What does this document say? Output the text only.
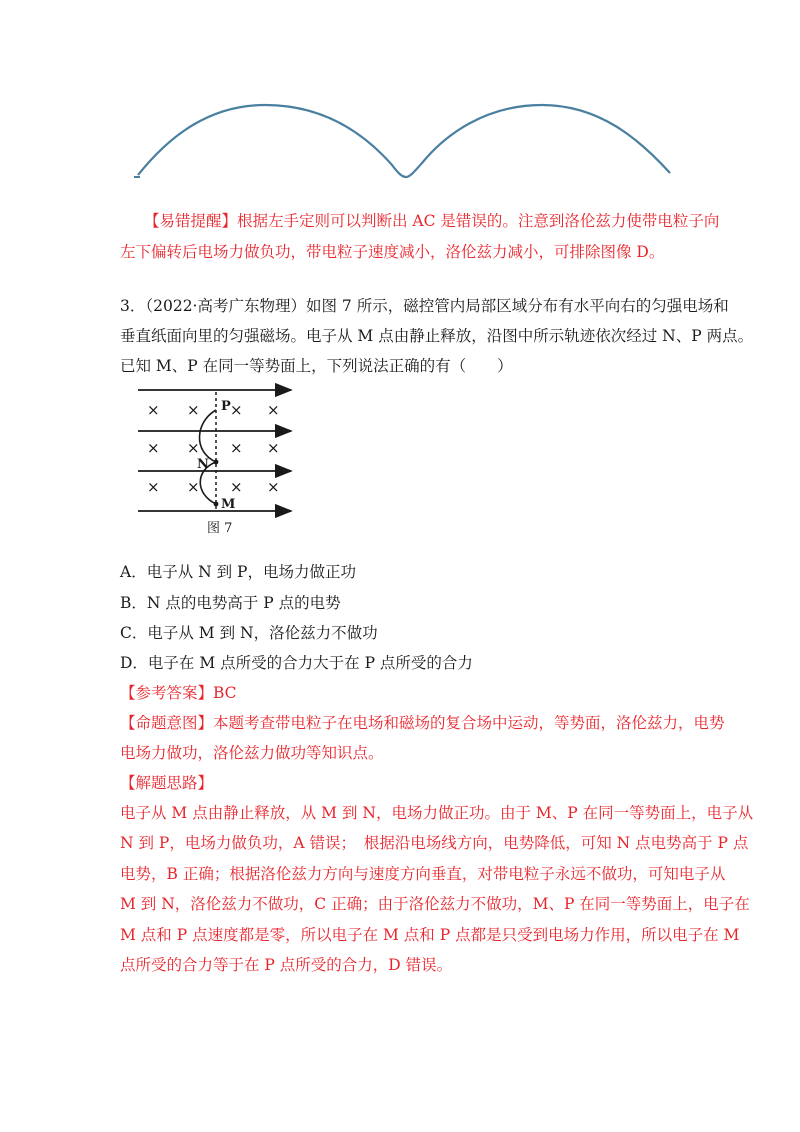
【易错提醒】根据左手定则可以判断出 AC 是错误的。注意到洛伦兹力使带电粒子向
左下偏转后电场力做负功，带电粒子速度减小，洛伦兹力减小，可排除图像 D。
3．（2022·高考广东物理）如图 7 所示，磁控管内局部区域分布有水平向右的匀强电场和
垂直纸面向里的匀强磁场。电子从 M 点由静止释放，沿图中所示轨迹依次经过 N、P 两点。
已知 M、P 在同一等势面上，下列说法正确的有（　　）
× × × ×
× × × ×
× × × ×
P
N
M
图 7
A．电子从 N 到 P，电场力做正功
B．N 点的电势高于 P 点的电势
C．电子从 M 到 N，洛伦兹力不做功
D．电子在 M 点所受的合力大于在 P 点所受的合力
【参考答案】BC
【命题意图】本题考查带电粒子在电场和磁场的复合场中运动，等势面，洛伦兹力，电势
电场力做功，洛伦兹力做功等知识点。
【解题思路】
电子从 M 点由静止释放，从 M 到 N，电场力做正功。由于 M、P 在同一等势面上，电子从
N 到 P，电场力做负功，A 错误；　根据沿电场线方向，电势降低，可知 N 点电势高于 P 点
电势，B 正确；根据洛伦兹力方向与速度方向垂直，对带电粒子永远不做功，可知电子从
M 到 N，洛伦兹力不做功，C 正确；由于洛伦兹力不做功，M、P 在同一等势面上，电子在
M 点和 P 点速度都是零，所以电子在 M 点和 P 点都是只受到电场力作用，所以电子在 M
点所受的合力等于在 P 点所受的合力，D 错误。
